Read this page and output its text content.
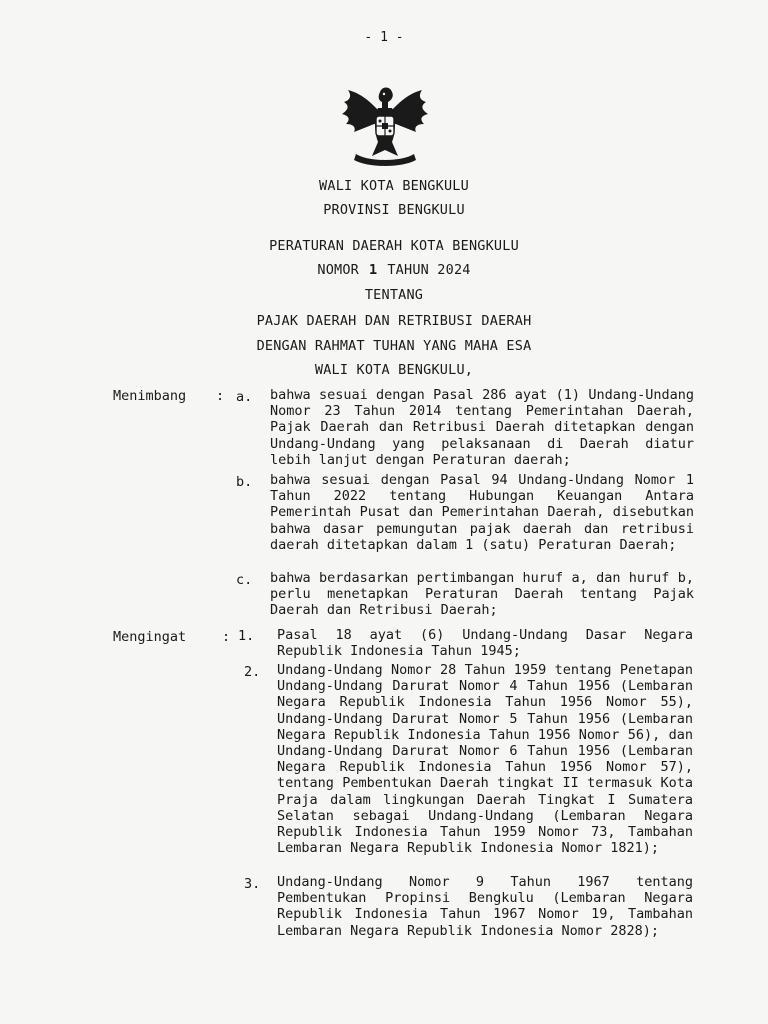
- 1 -
WALI KOTA BENGKULU
PROVINSI BENGKULU
PERATURAN DAERAH KOTA BENGKULU
NOMOR 1 TAHUN 2024
TENTANG
PAJAK DAERAH DAN RETRIBUSI DAERAH
DENGAN RAHMAT TUHAN YANG MAHA ESA
WALI KOTA BENGKULU,
Menimbang : a. bahwa sesuai dengan Pasal 286 ayat (1) Undang-Undang Nomor 23 Tahun 2014 tentang Pemerintahan Daerah, Pajak Daerah dan Retribusi Daerah ditetapkan dengan Undang-Undang yang pelaksanaan di Daerah diatur lebih lanjut dengan Peraturan daerah;
b. bahwa sesuai dengan Pasal 94 Undang-Undang Nomor 1 Tahun 2022 tentang Hubungan Keuangan Antara Pemerintah Pusat dan Pemerintahan Daerah, disebutkan bahwa dasar pemungutan pajak daerah dan retribusi daerah ditetapkan dalam 1 (satu) Peraturan Daerah;
c. bahwa berdasarkan pertimbangan huruf a, dan huruf b, perlu menetapkan Peraturan Daerah tentang Pajak Daerah dan Retribusi Daerah;
Mengingat	: 1. Pasal 18 ayat (6) Undang-Undang Dasar Negara Republik Indonesia Tahun 1945;
2. Undang-Undang Nomor 28 Tahun 1959 tentang Penetapan Undang-Undang Darurat Nomor 4 Tahun 1956 (Lembaran Negara Republik Indonesia Tahun 1956 Nomor 55), Undang-Undang Darurat Nomor 5 Tahun 1956 (Lembaran Negara Republik Indonesia Tahun 1956 Nomor 56), dan Undang-Undang Darurat Nomor 6 Tahun 1956 (Lembaran Negara Republik Indonesia Tahun 1956 Nomor 57), tentang Pembentukan Daerah tingkat II termasuk Kota Praja dalam lingkungan Daerah Tingkat I Sumatera Selatan sebagai Undang-Undang (Lembaran Negara Republik Indonesia Tahun 1959 Nomor 73, Tambahan Lembaran Negara Republik Indonesia Nomor 1821);
3. Undang-Undang Nomor 9 Tahun 1967 tentang Pembentukan Propinsi Bengkulu (Lembaran Negara Republik Indonesia Tahun 1967 Nomor 19, Tambahan Lembaran Negara Republik Indonesia Nomor 2828);
